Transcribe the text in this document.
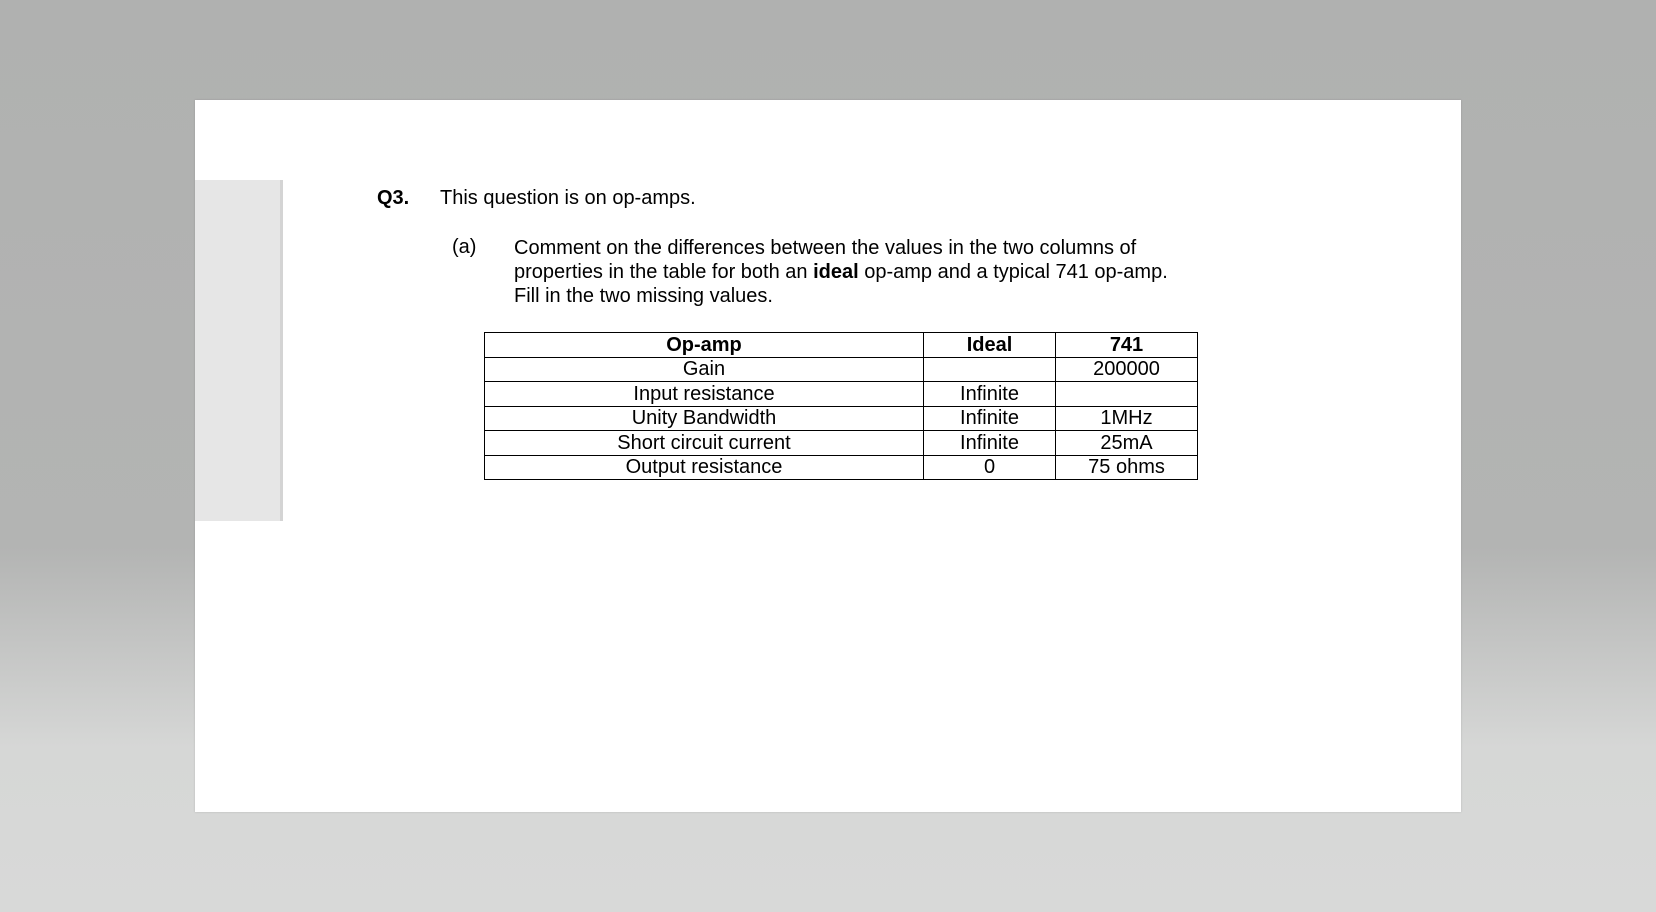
Q3. This question is on op-amps.
(a) Comment on the differences between the values in the two columns of
properties in the table for both an ideal op-amp and a typical 741 op-amp.
Fill in the two missing values.
Op-amp	Ideal	741
Gain		200000
Input resistance	Infinite	
Unity Bandwidth	Infinite	1MHz
Short circuit current	Infinite	25mA
Output resistance	0	75 ohms
